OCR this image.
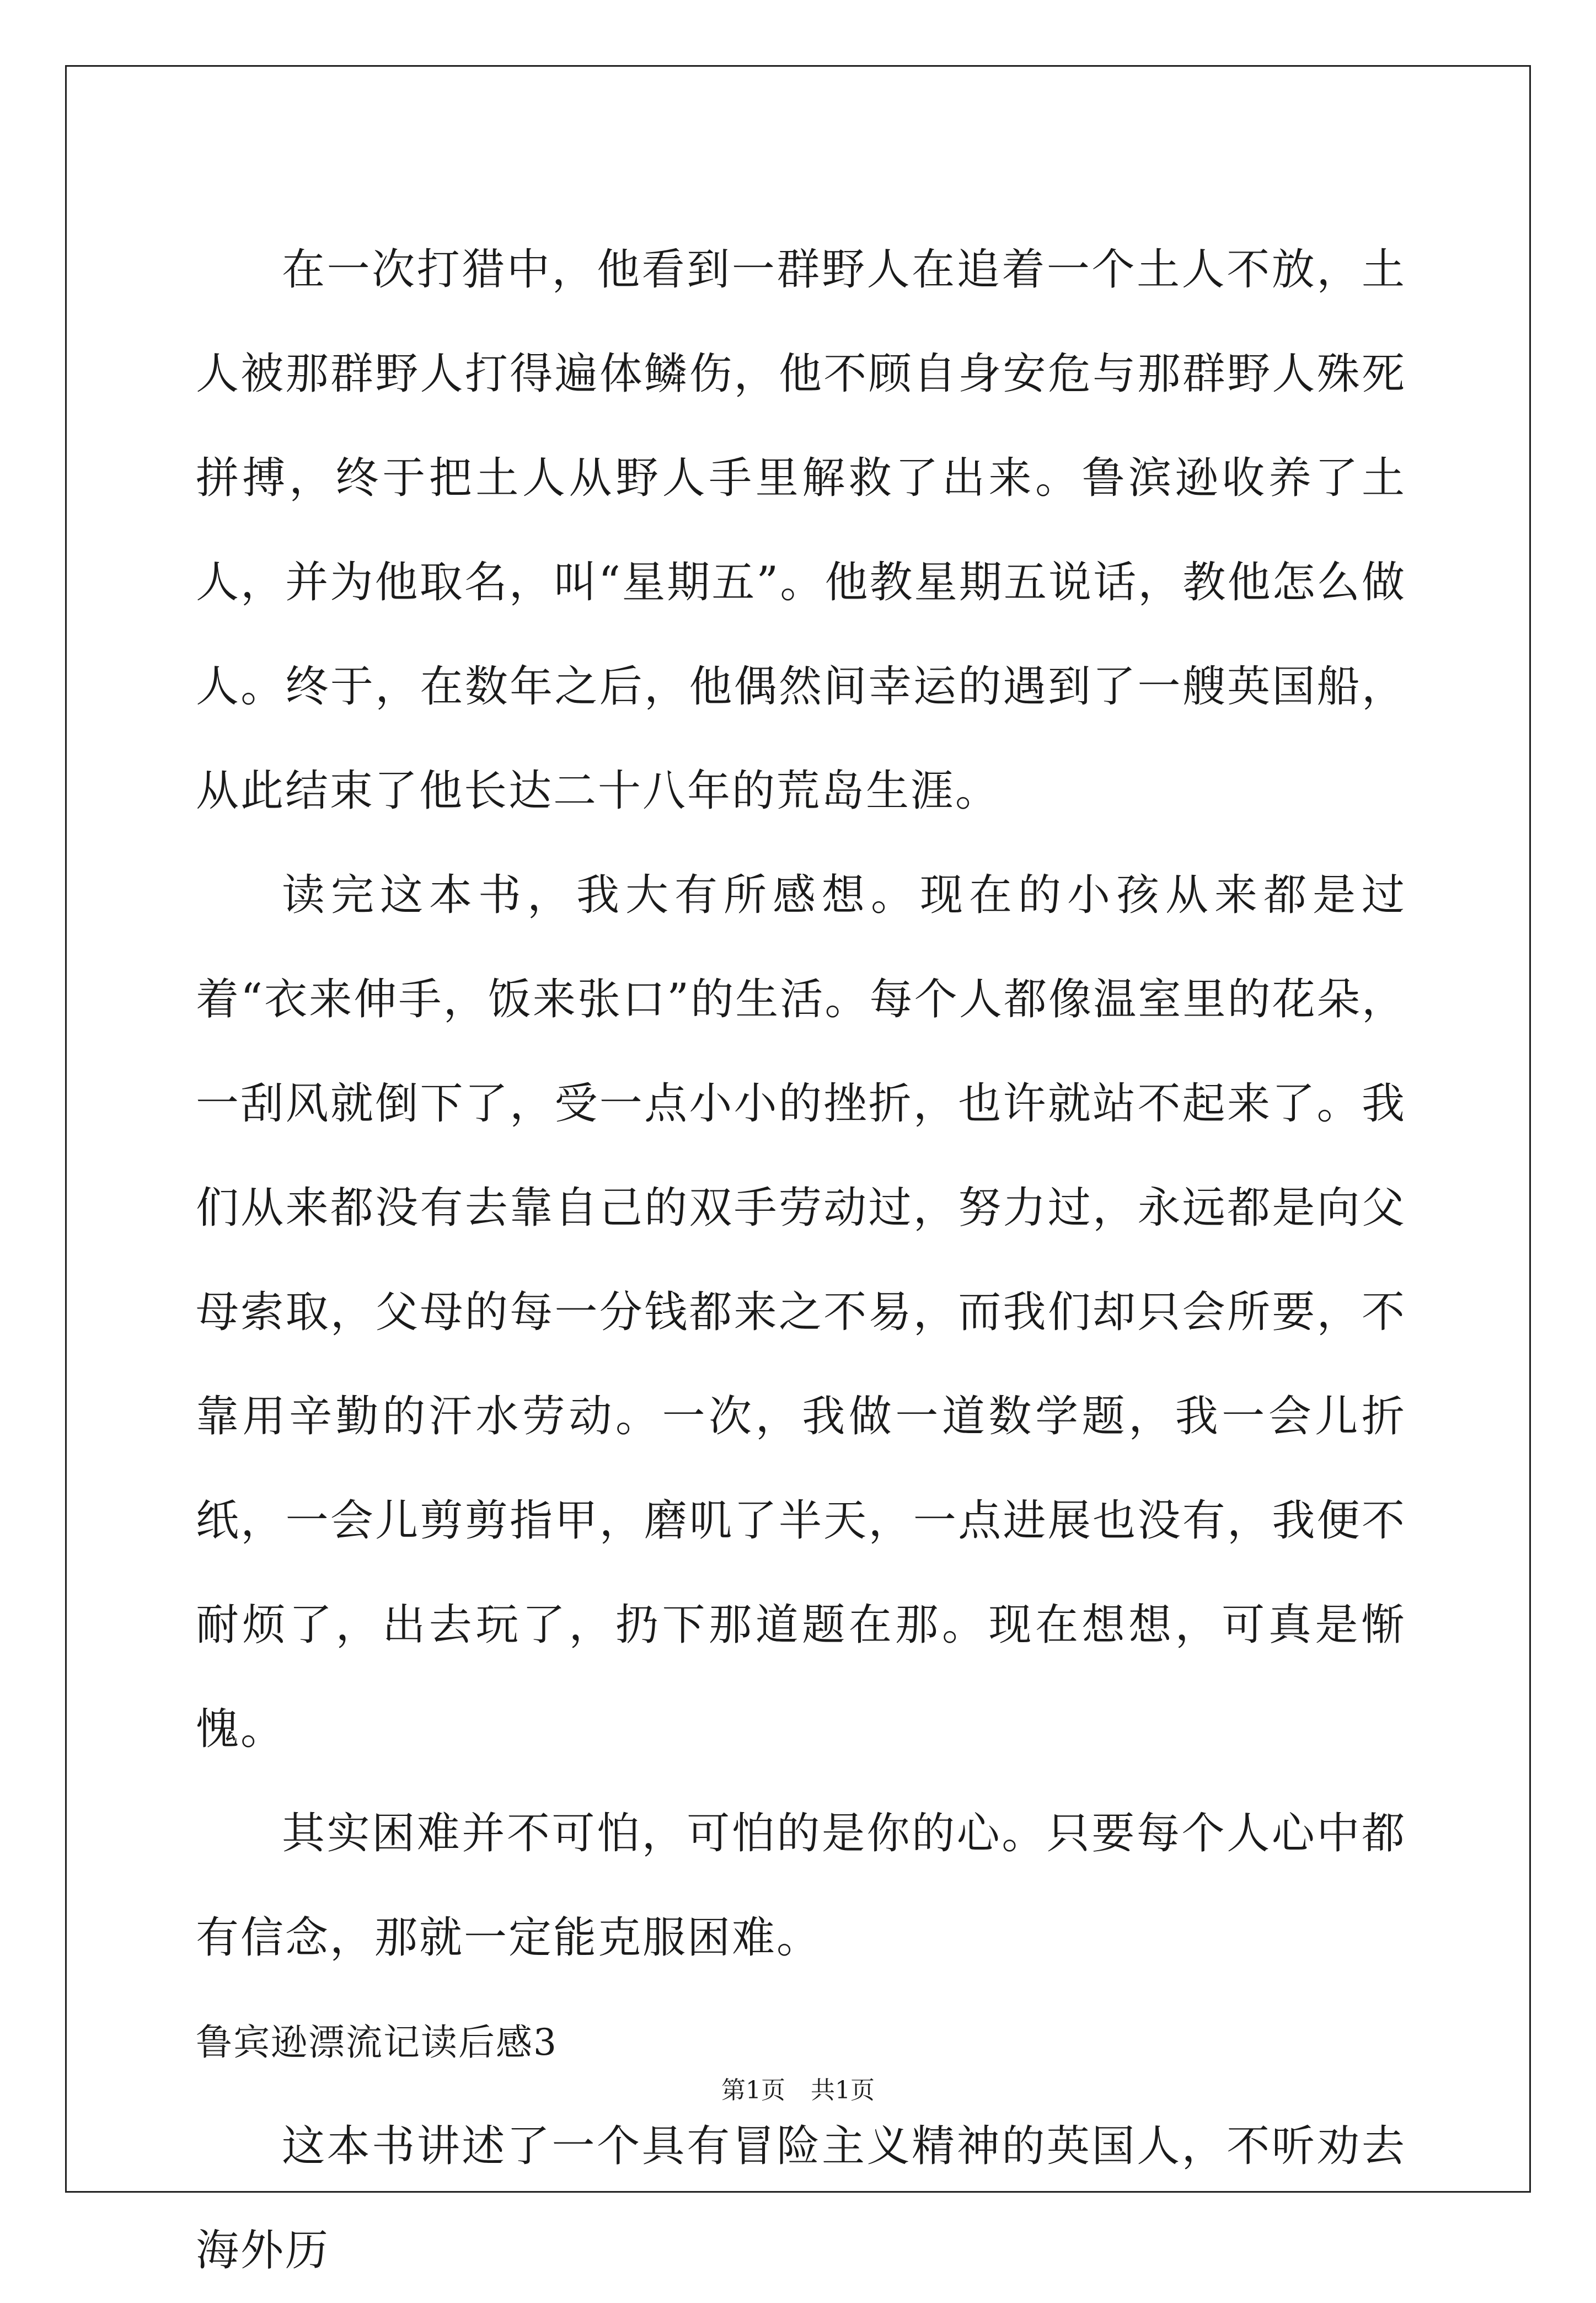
在一次打猎中，他看到一群野人在追着一个土人不放，土人被那群野人打得遍体鳞伤，他不顾自身安危与那群野人殊死拼搏，终于把土人从野人手里解救了出来。鲁滨逊收养了土人，并为他取名，叫“星期五”。他教星期五说话，教他怎么做人。终于，在数年之后，他偶然间幸运的遇到了一艘英国船，从此结束了他长达二十八年的荒岛生涯。

读完这本书，我大有所感想。现在的小孩从来都是过着“衣来伸手，饭来张口”的生活。每个人都像温室里的花朵，一刮风就倒下了，受一点小小的挫折，也许就站不起来了。我们从来都没有去靠自己的双手劳动过，努力过，永远都是向父母索取，父母的每一分钱都来之不易，而我们却只会所要，不靠用辛勤的汗水劳动。一次，我做一道数学题，我一会儿折纸，一会儿剪剪指甲，磨叽了半天，一点进展也没有，我便不耐烦了，出去玩了，扔下那道题在那。现在想想，可真是惭愧。

其实困难并不可怕，可怕的是你的心。只要每个人心中都有信念，那就一定能克服困难。

鲁宾逊漂流记读后感3

这本书讲述了一个具有冒险主义精神的英国人，不听劝去海外历

第1页 共1页
